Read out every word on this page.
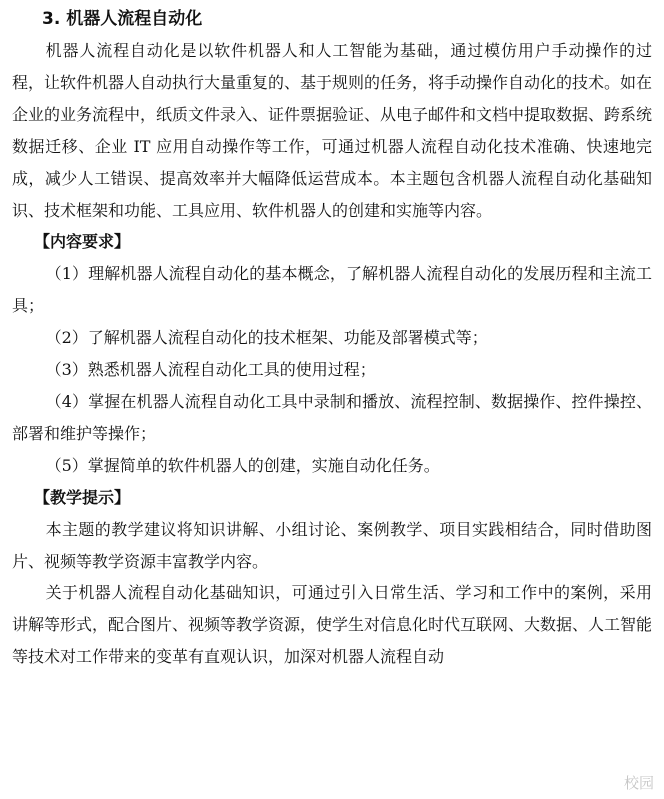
3. 机器人流程自动化

机器人流程自动化是以软件机器人和人工智能为基础，通过模仿用户手动操作的过程，让软件机器人自动执行大量重复的、基于规则的任务，将手动操作自动化的技术。如在企业的业务流程中，纸质文件录入、证件票据验证、从电子邮件和文档中提取数据、跨系统数据迁移、企业 IT 应用自动操作等工作，可通过机器人流程自动化技术准确、快速地完成，减少人工错误、提高效率并大幅降低运营成本。本主题包含机器人流程自动化基础知识、技术框架和功能、工具应用、软件机器人的创建和实施等内容。

【内容要求】

（1）理解机器人流程自动化的基本概念，了解机器人流程自动化的发展历程和主流工具；

（2）了解机器人流程自动化的技术框架、功能及部署模式等；

（3）熟悉机器人流程自动化工具的使用过程；

（4）掌握在机器人流程自动化工具中录制和播放、流程控制、数据操作、控件操控、部署和维护等操作；

（5）掌握简单的软件机器人的创建，实施自动化任务。

【教学提示】

本主题的教学建议将知识讲解、小组讨论、案例教学、项目实践相结合，同时借助图片、视频等教学资源丰富教学内容。

关于机器人流程自动化基础知识，可通过引入日常生活、学习和工作中的案例，采用讲解等形式，配合图片、视频等教学资源，使学生对信息化时代互联网、大数据、人工智能等技术对工作带来的变革有直观认识，加深对机器人流程自动

校园
